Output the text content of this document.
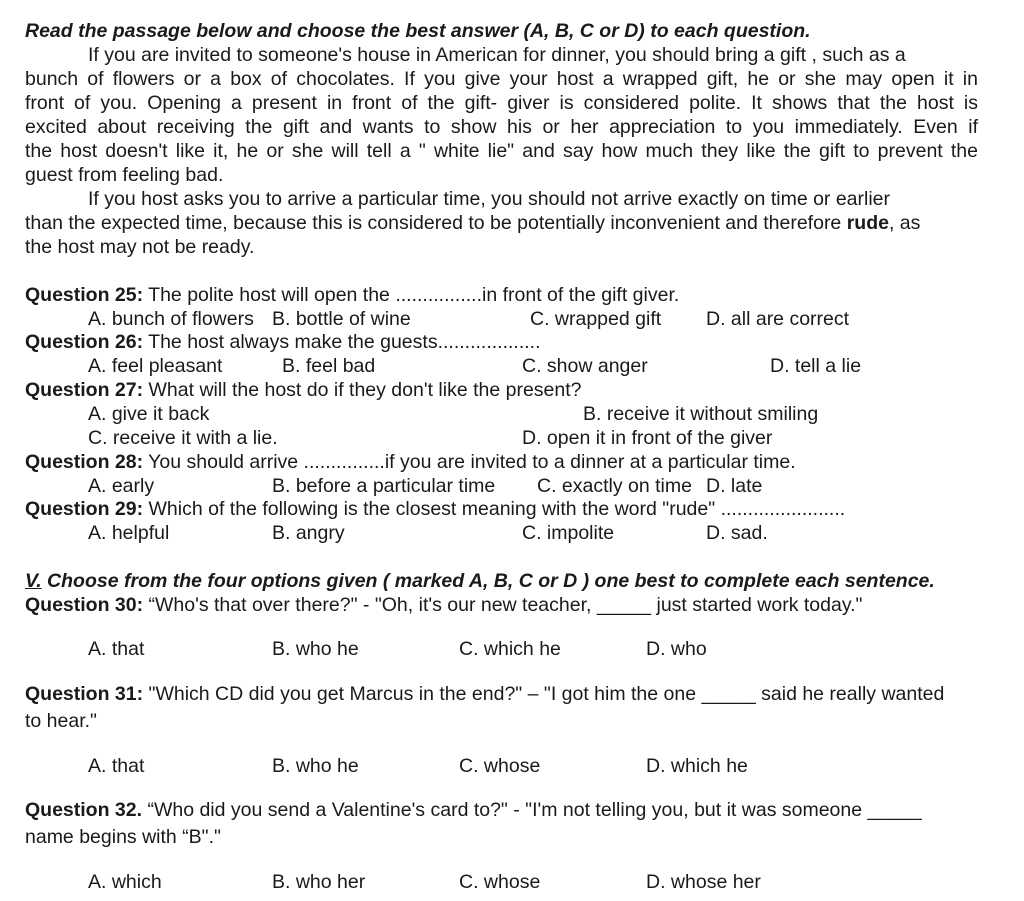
Read the passage below and choose the best answer (A, B, C or D) to each question.
If you are invited to someone's house in American for dinner, you should bring a gift , such as a
bunch of flowers or a box of chocolates. If you give your host a wrapped gift, he or she may open it in
front of you. Opening a present in front of the gift- giver is considered polite. It shows that the host is
excited about receiving the gift and wants to show his or her appreciation to you immediately. Even if
the host doesn't like it, he or she will tell a " white lie" and say how much they like the gift to prevent the
guest from feeling bad.
If you host asks you to arrive a particular time, you should not arrive exactly on time or earlier
than the expected time, because this is considered to be potentially inconvenient and therefore rude, as
the host may not be ready.
Question 25: The polite host will open the ................in front of the gift giver.
A. bunch of flowers B. bottle of wine	C. wrapped gift D. all are correct
Question 26: The host always make the guests...................
A. feel pleasant	B. feel bad	C. show anger	D. tell a lie
Question 27: What will the host do if they don't like the present?
A. give it back	B. receive it without smiling
C. receive it with a lie.	D. open it in front of the giver
Question 28: You should arrive ...............if you are invited to a dinner at a particular time.
A. early	B. before a particular time C. exactly on time D. late
Question 29: Which of the following is the closest meaning with the word "rude" .......................
A. helpful	B. angry	C. impolite	D. sad.
V. Choose from the four options given ( marked A, B, C or D ) one best to complete each sentence.
Question 30: “Who's that over there?" - "Oh, it's our new teacher, _____ just started work today."
A. that	B. who he	C. which he	D. who
Question 31: "Which CD did you get Marcus in the end?" – "I got him the one _____ said he really wanted
to hear."
A. that	B. who he	C. whose	D. which he
Question 32. “Who did you send a Valentine's card to?" - "I'm not telling you, but it was someone _____
name begins with “B"."
A. which	B. who her	C. whose	D. whose her
